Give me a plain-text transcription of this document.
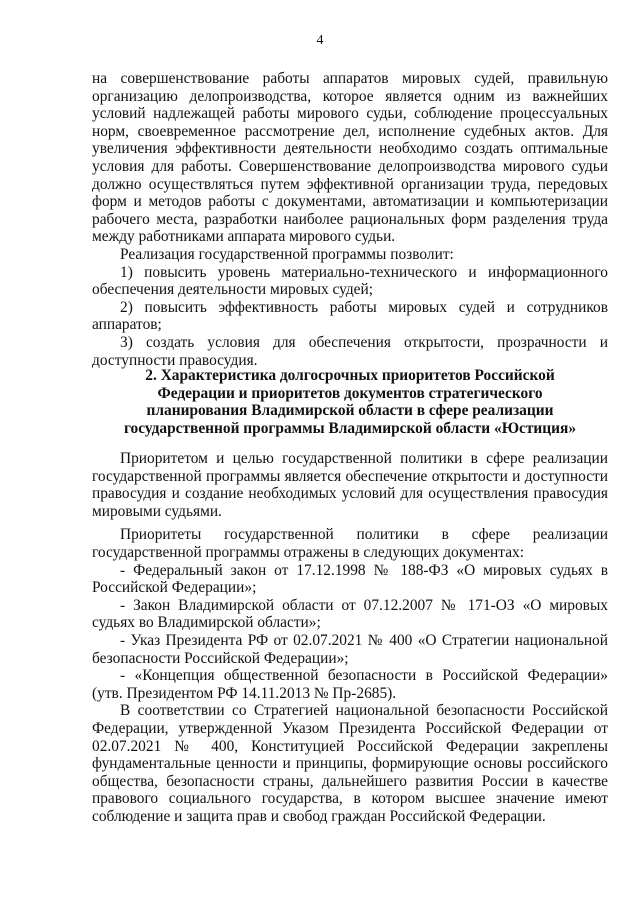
4

на совершенствование работы аппаратов мировых судей, правильную организацию делопроизводства, которое является одним из важнейших условий надлежащей работы мирового судьи, соблюдение процессуальных норм, своевременное рассмотрение дел, исполнение судебных актов. Для увеличения эффективности деятельности необходимо создать оптимальные условия для работы. Совершенствование делопроизводства мирового судьи должно осуществляться путем эффективной организации труда, передовых форм и методов работы с документами, автоматизации и компьютеризации рабочего места, разработки наиболее рациональных форм разделения труда между работниками аппарата мирового судьи.

Реализация государственной программы позволит:

1) повысить уровень материально-технического и информационного обеспечения деятельности мировых судей;

2) повысить эффективность работы мировых судей и сотрудников аппаратов;

3) создать условия для обеспечения открытости, прозрачности и доступности правосудия.

2. Характеристика долгосрочных приоритетов Российской
Федерации и приоритетов документов стратегического
планирования Владимирской области в сфере реализации
государственной программы Владимирской области «Юстиция»

Приоритетом и целью государственной политики в сфере реализации государственной программы является обеспечение открытости и доступности правосудия и создание необходимых условий для осуществления правосудия мировыми судьями.

Приоритеты государственной политики в сфере реализации государственной программы отражены в следующих документах:

- Федеральный закон от 17.12.1998 № 188-ФЗ «О мировых судьях в Российской Федерации»;

- Закон Владимирской области от 07.12.2007 № 171-ОЗ «О мировых судьях во Владимирской области»;

- Указ Президента РФ от 02.07.2021 № 400 «О Стратегии национальной безопасности Российской Федерации»;

- «Концепция общественной безопасности в Российской Федерации» (утв. Президентом РФ 14.11.2013 № Пр-2685).

В соответствии со Стратегией национальной безопасности Российской Федерации, утвержденной Указом Президента Российской Федерации от 02.07.2021 № 400, Конституцией Российской Федерации закреплены фундаментальные ценности и принципы, формирующие основы российского общества, безопасности страны, дальнейшего развития России в качестве правового социального государства, в котором высшее значение имеют соблюдение и защита прав и свобод граждан Российской Федерации.
